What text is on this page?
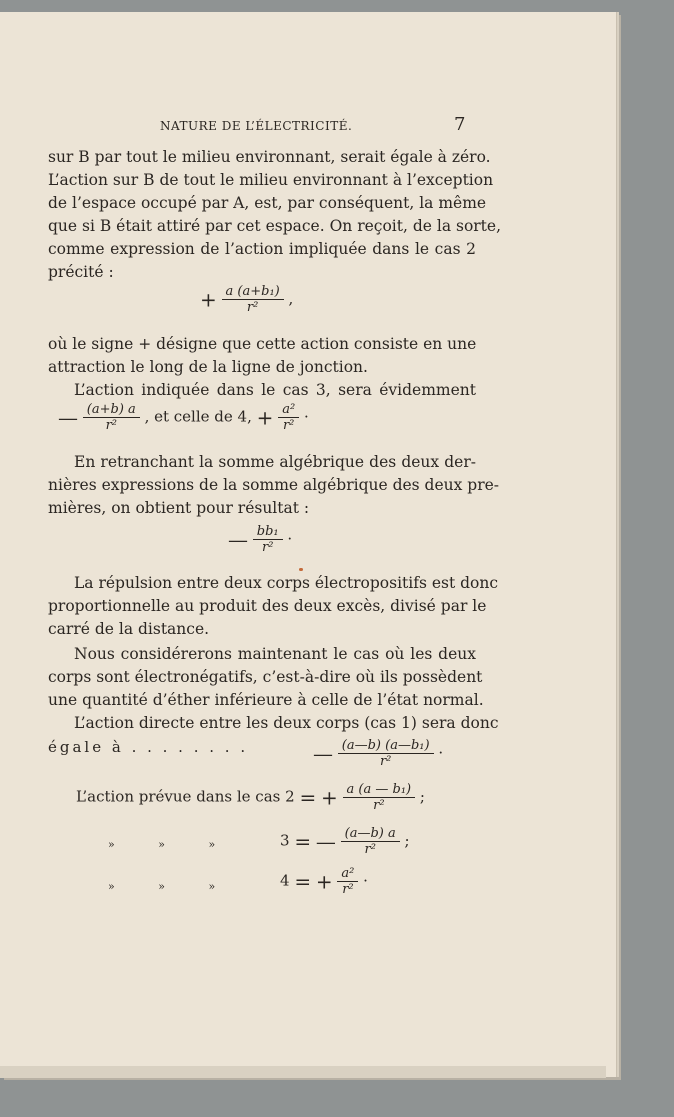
NATURE DE L’ÉLECTRICITÉ.	7
sur B par tout le milieu environnant, serait égale à zéro.
L’action sur B de tout le milieu environnant à l’exception
de l’espace occupé par A, est, par conséquent, la même
que si B était attiré par cet espace. On reçoit, de la sorte,
comme expression de l’action impliquée dans le cas 2
précité :
+ $\frac{\text{a (a+b₁)}}{\text{r²}}$ ,
où le signe + désigne que cette action consiste en une
attraction le long de la ligne de jonction.
L’action indiquée dans le cas 3, sera évidemment
— $\frac{(a+b) a}{\text{r²}}$ , et celle de 4, + $\frac{\text{a²}}{\text{r²}}$ ·
En retranchant la somme algébrique des deux der-
nières expressions de la somme algébrique des deux pre-
mières, on obtient pour résultat :
— $\frac{\text{bb₁}}{\text{r²}}$ ·
La répulsion entre deux corps électropositifs est donc
proportionnelle au produit des deux excès, divisé par le
carré de la distance.
Nous considérerons maintenant le cas où les deux
corps sont électronégatifs, c’est-à-dire où ils possèdent
une quantité d’éther inférieure à celle de l’état normal.
L’action directe entre les deux corps (cas 1) sera donc
égale à . . . . . . . .	— $\frac{\text{(a—b) (a—b₁)}}{\text{r²}}$ ·
L’action prévue dans le cas 2 = + $\frac{\text{a (a — b₁)}}{\text{r²}}$ ;
» » »	3 = — $\frac{(a—b) a}{\text{r²}}$ ;
» » »	4 = + $\frac{\text{a²}}{\text{r²}}$ ·
